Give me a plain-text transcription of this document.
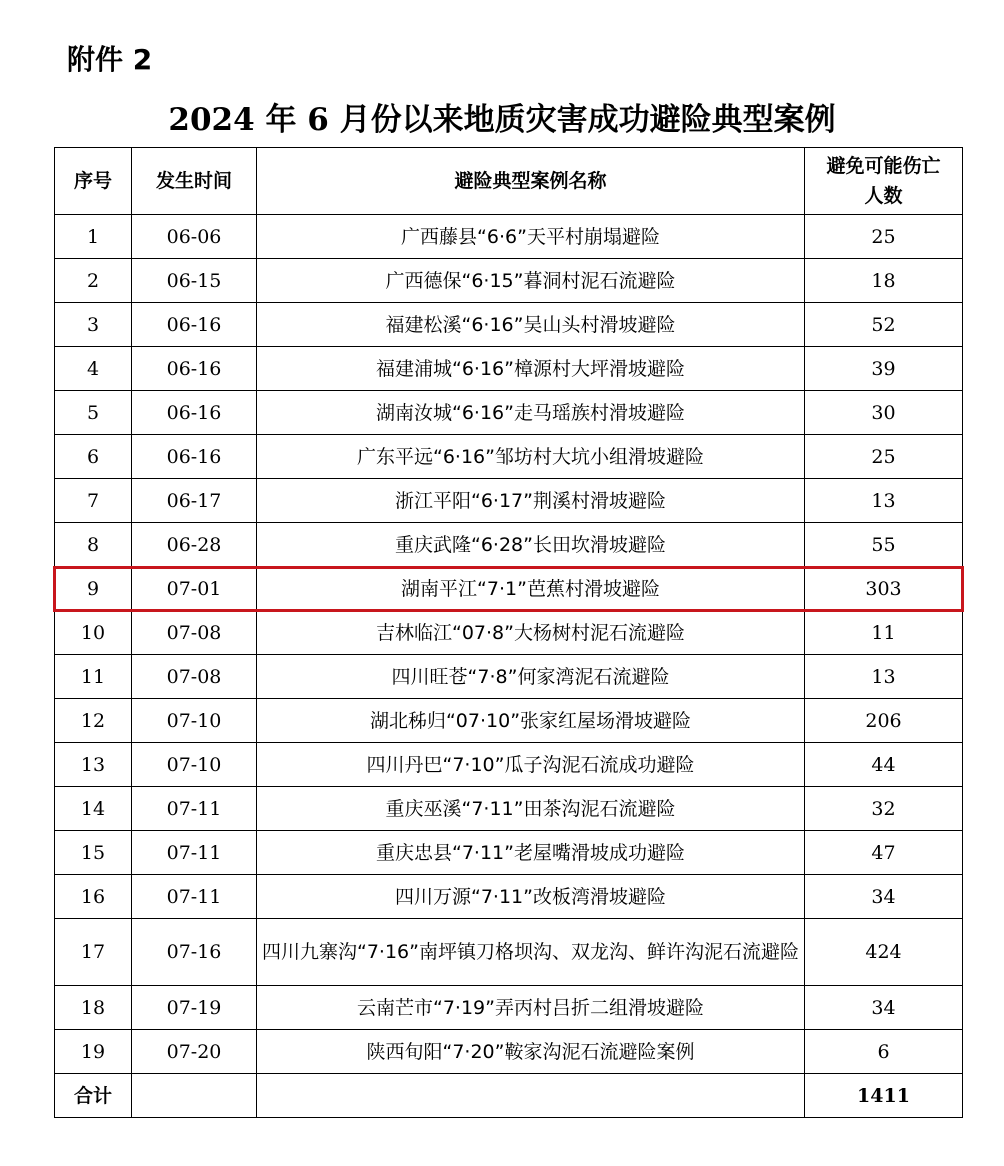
附件 2
2024 年 6 月份以来地质灾害成功避险典型案例
序号	发生时间	避险典型案例名称	避免可能伤亡人数
1	06-06	广西藤县“6·6”天平村崩塌避险	25
2	06-15	广西德保“6·15”暮洞村泥石流避险	18
3	06-16	福建松溪“6·16”吴山头村滑坡避险	52
4	06-16	福建浦城“6·16”樟源村大坪滑坡避险	39
5	06-16	湖南汝城“6·16”走马瑶族村滑坡避险	30
6	06-16	广东平远“6·16”邹坊村大坑小组滑坡避险	25
7	06-17	浙江平阳“6·17”荆溪村滑坡避险	13
8	06-28	重庆武隆“6·28”长田坎滑坡避险	55
9	07-01	湖南平江“7·1”芭蕉村滑坡避险	303
10	07-08	吉林临江“07·8”大杨树村泥石流避险	11
11	07-08	四川旺苍“7·8”何家湾泥石流避险	13
12	07-10	湖北秭归“07·10”张家红屋场滑坡避险	206
13	07-10	四川丹巴“7·10”瓜子沟泥石流成功避险	44
14	07-11	重庆巫溪“7·11”田茶沟泥石流避险	32
15	07-11	重庆忠县“7·11”老屋嘴滑坡成功避险	47
16	07-11	四川万源“7·11”改板湾滑坡避险	34
17	07-16	四川九寨沟“7·16”南坪镇刀格坝沟、双龙沟、鲜许沟泥石流避险	424
18	07-19	云南芒市“7·19”弄丙村吕折二组滑坡避险	34
19	07-20	陕西旬阳“7·20”鞍家沟泥石流避险案例	6
合计			1411
